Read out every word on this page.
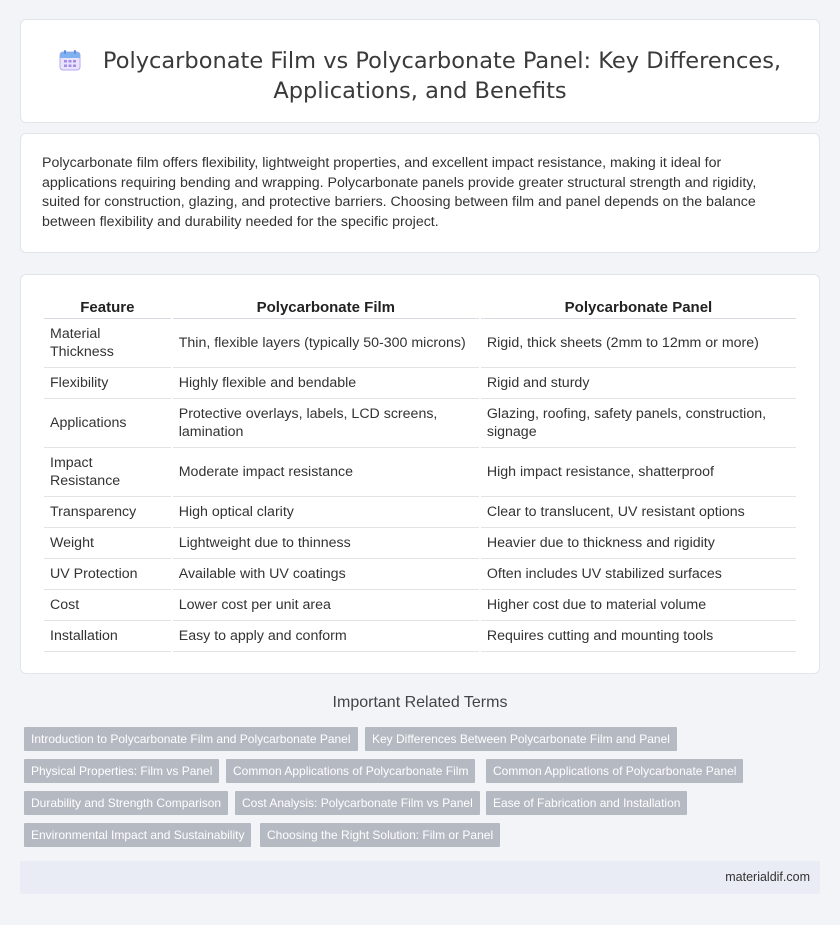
Polycarbonate Film vs Polycarbonate Panel: Key Differences,
Applications, and Benefits

Polycarbonate film offers flexibility, lightweight properties, and excellent impact resistance, making it ideal for applications requiring bending and wrapping. Polycarbonate panels provide greater structural strength and rigidity, suited for construction, glazing, and protective barriers. Choosing between film and panel depends on the balance between flexibility and durability needed for the specific project.

Feature	Polycarbonate Film	Polycarbonate Panel
Material Thickness	Thin, flexible layers (typically 50-300 microns)	Rigid, thick sheets (2mm to 12mm or more)
Flexibility	Highly flexible and bendable	Rigid and sturdy
Applications	Protective overlays, labels, LCD screens, lamination	Glazing, roofing, safety panels, construction, signage
Impact Resistance	Moderate impact resistance	High impact resistance, shatterproof
Transparency	High optical clarity	Clear to translucent, UV resistant options
Weight	Lightweight due to thinness	Heavier due to thickness and rigidity
UV Protection	Available with UV coatings	Often includes UV stabilized surfaces
Cost	Lower cost per unit area	Higher cost due to material volume
Installation	Easy to apply and conform	Requires cutting and mounting tools
Important Related Terms
Introduction to Polycarbonate Film and Polycarbonate Panel	Key Differences Between Polycarbonate Film and Panel
Physical Properties: Film vs Panel	Common Applications of Polycarbonate Film	Common Applications of Polycarbonate Panel
Durability and Strength Comparison	Cost Analysis: Polycarbonate Film vs Panel	Ease of Fabrication and Installation
Environmental Impact and Sustainability	Choosing the Right Solution: Film or Panel
materialdif.com
